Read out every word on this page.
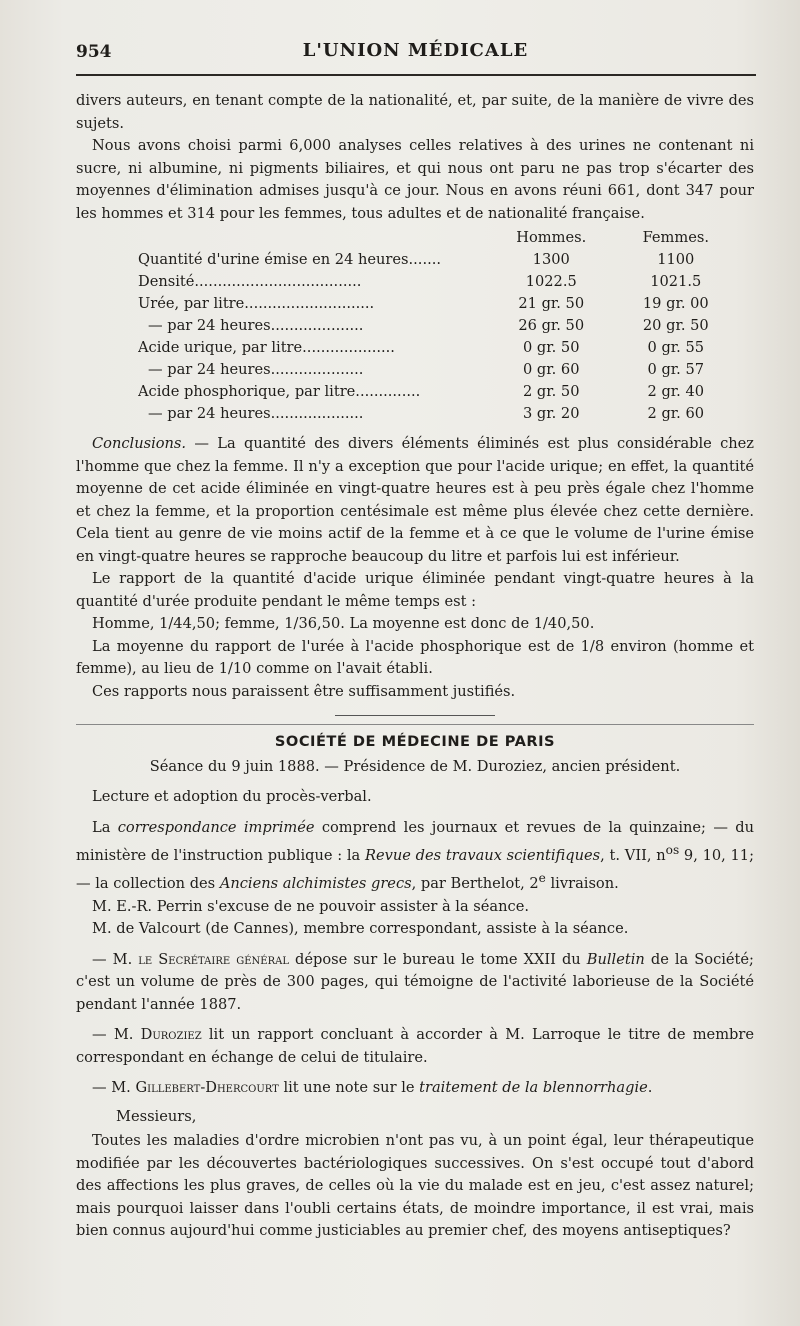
954	L'UNION MÉDICALE

divers auteurs, en tenant compte de la nationalité, et, par suite, de la manière de vivre des sujets.

Nous avons choisi parmi 6,000 analyses celles relatives à des urines ne contenant ni sucre, ni albumine, ni pigments biliaires, et qui nous ont paru ne pas trop s'écarter des moyennes d'élimination admises jusqu'à ce jour. Nous en avons réuni 661, dont 347 pour les hommes et 314 pour les femmes, tous adultes et de nationalité française.

	Hommes.	Femmes.
Quantité d'urine émise en 24 heures.......	1300	1100
Densité....................................	1022.5	1021.5
Urée, par litre............................	21 gr. 50	19 gr. 00
— par 24 heures....................	26 gr. 50	20 gr. 50
Acide urique, par litre....................	0 gr. 50	0 gr. 55
— par 24 heures....................	0 gr. 60	0 gr. 57
Acide phosphorique, par litre..............	2 gr. 50	2 gr. 40
— par 24 heures....................	3 gr. 20	2 gr. 60

Conclusions. — La quantité des divers éléments éliminés est plus considérable chez l'homme que chez la femme. Il n'y a exception que pour l'acide urique; en effet, la quantité moyenne de cet acide éliminée en vingt-quatre heures est à peu près égale chez l'homme et chez la femme, et la proportion centésimale est même plus élevée chez cette dernière. Cela tient au genre de vie moins actif de la femme et à ce que le volume de l'urine émise en vingt-quatre heures se rapproche beaucoup du litre et parfois lui est inférieur.

Le rapport de la quantité d'acide urique éliminée pendant vingt-quatre heures à la quantité d'urée produite pendant le même temps est :

Homme, 1/44,50; femme, 1/36,50. La moyenne est donc de 1/40,50.

La moyenne du rapport de l'urée à l'acide phosphorique est de 1/8 environ (homme et femme), au lieu de 1/10 comme on l'avait établi.

Ces rapports nous paraissent être suffisamment justifiés.

SOCIÉTÉ DE MÉDECINE DE PARIS

Séance du 9 juin 1888. — Présidence de M. Duroziez, ancien président.

Lecture et adoption du procès-verbal.

La correspondance imprimée comprend les journaux et revues de la quinzaine; — du ministère de l'instruction publique : la Revue des travaux scientifiques, t. VII, $n^{os}$ 9, 10, 11; — la collection des Anciens alchimistes grecs, par Berthelot, 2e livraison.

M. E.-R. Perrin s'excuse de ne pouvoir assister à la séance.

M. de Valcourt (de Cannes), membre correspondant, assiste à la séance.

— M. le Secrétaire général dépose sur le bureau le tome XXII du Bulletin de la Société; c'est un volume de près de 300 pages, qui témoigne de l'activité laborieuse de la Société pendant l'année 1887.

— M. Duroziez lit un rapport concluant à accorder à M. Larroque le titre de membre correspondant en échange de celui de titulaire.

— M. Gillebert-Dhercourt lit une note sur le traitement de la blennorrhagie.

Messieurs,

Toutes les maladies d'ordre microbien n'ont pas vu, à un point égal, leur thérapeutique modifiée par les découvertes bactériologiques successives. On s'est occupé tout d'abord des affections les plus graves, de celles où la vie du malade est en jeu, c'est assez naturel; mais pourquoi laisser dans l'oubli certains états, de moindre importance, il est vrai, mais bien connus aujourd'hui comme justiciables au premier chef, des moyens antiseptiques?
